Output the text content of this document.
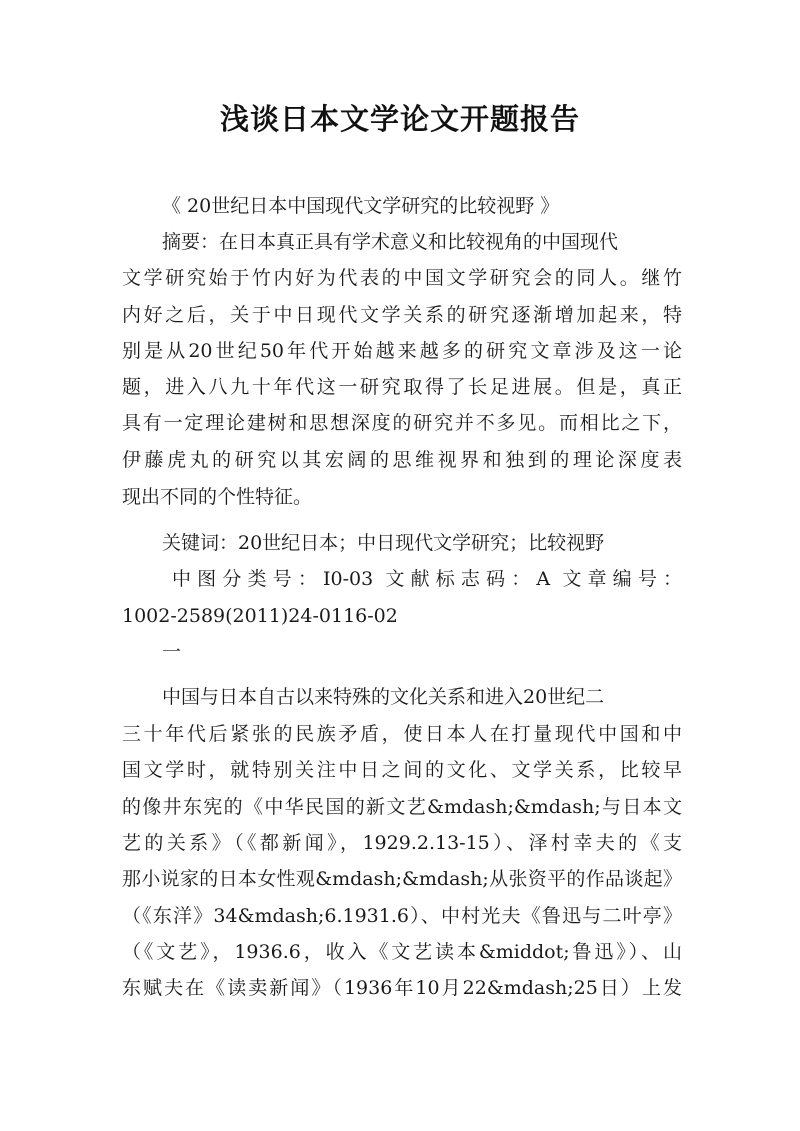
浅谈日本文学论文开题报告
《 20世纪日本中国现代文学研究的比较视野 》
摘要：在日本真正具有学术意义和比较视角的中国现代
文学研究始于竹内好为代表的中国文学研究会的同人。继竹
内好之后，关于中日现代文学关系的研究逐渐增加起来，特
别是从20世纪50年代开始越来越多的研究文章涉及这一论
题，进入八九十年代这一研究取得了长足进展。但是，真正
具有一定理论建树和思想深度的研究并不多见。而相比之下，
伊藤虎丸的研究以其宏阔的思维视界和独到的理论深度表
现出不同的个性特征。
关键词：20世纪日本；中日现代文学研究；比较视野
中图分类号：I0-03 文献标志码：A 文章编号：
1002-2589(2011)24-0116-02
一
中国与日本自古以来特殊的文化关系和进入20世纪二
三十年代后紧张的民族矛盾，使日本人在打量现代中国和中
国文学时，就特别关注中日之间的文化、文学关系，比较早
的像井东宪的《中华民国的新文艺&mdash;&mdash;与日本文
艺的关系》（《都新闻》，1929.2.13-15）、泽村幸夫的《支
那小说家的日本女性观&mdash;&mdash;从张资平的作品谈起》
（《东洋》34&mdash;6.1931.6）、中村光夫《鲁迅与二叶亭》
（《文艺》，1936.6，收入《文艺读本&middot;鲁迅》）、山
东赋夫在《读卖新闻》（1936年10月22&mdash;25日）上发
